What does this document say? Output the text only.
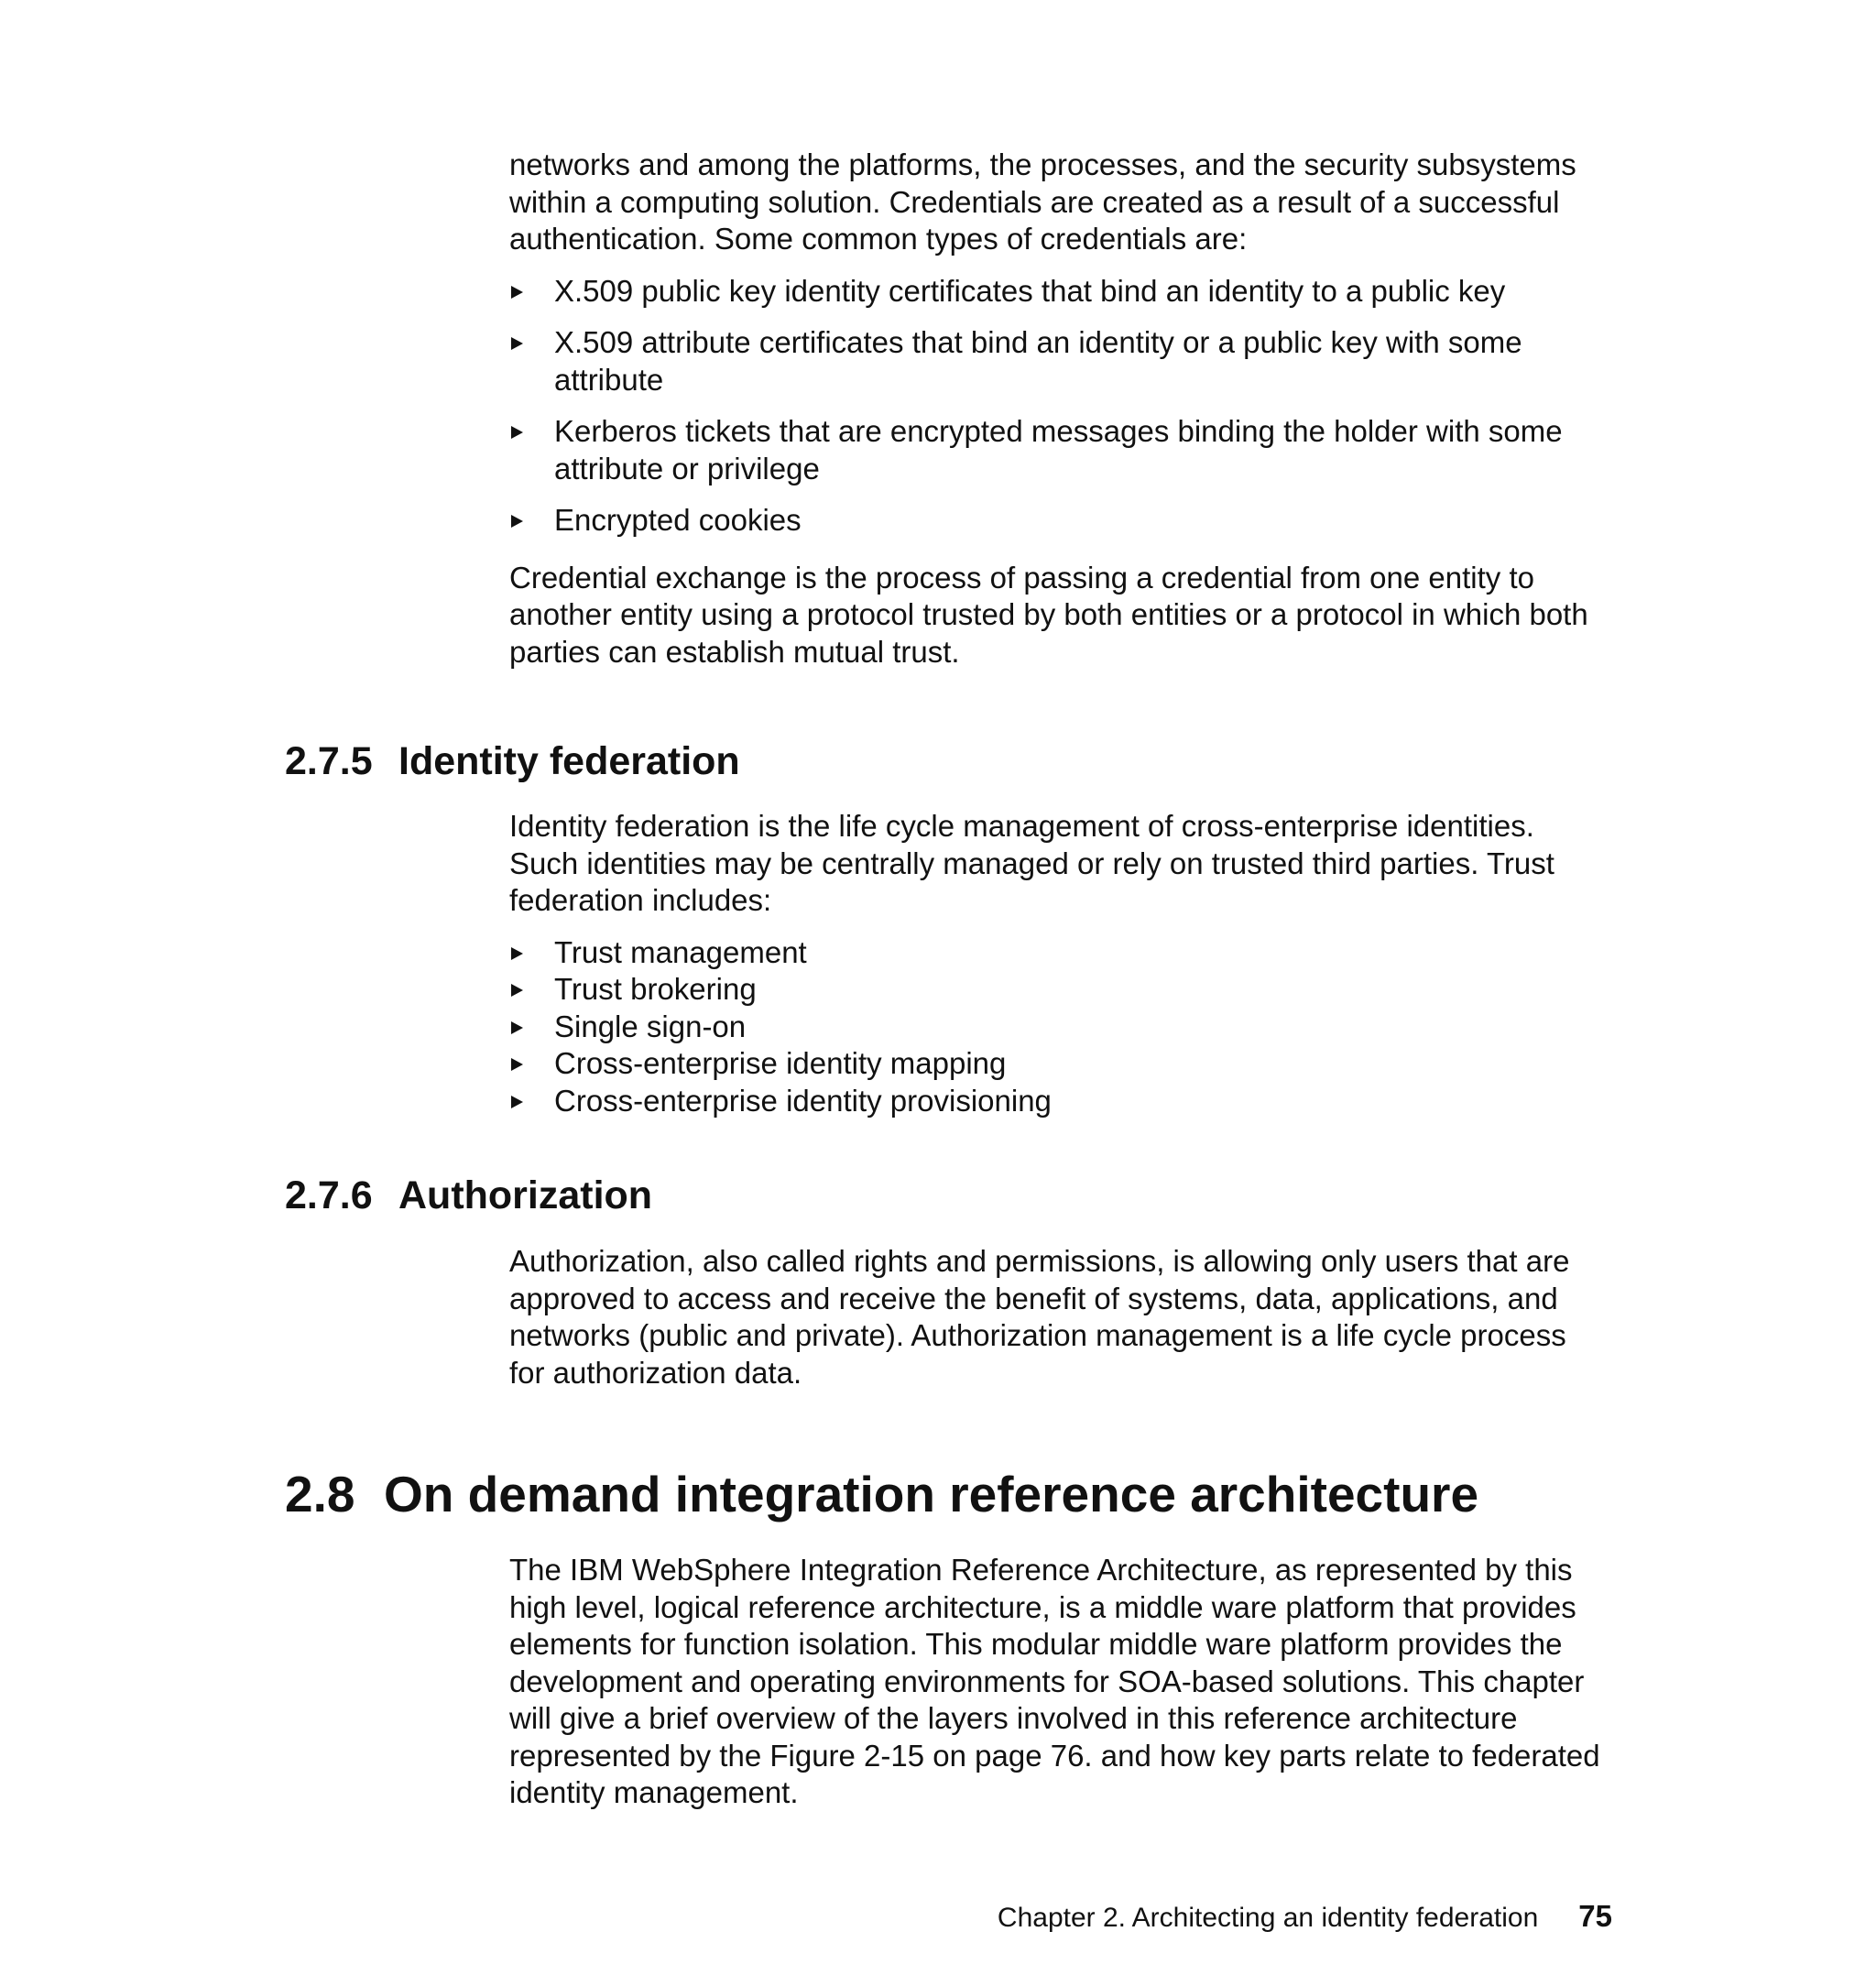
networks and among the platforms, the processes, and the security subsystems within a computing solution. Credentials are created as a result of a successful authentication. Some common types of credentials are:

X.509 public key identity certificates that bind an identity to a public key
X.509 attribute certificates that bind an identity or a public key with some attribute
Kerberos tickets that are encrypted messages binding the holder with some attribute or privilege
Encrypted cookies

Credential exchange is the process of passing a credential from one entity to another entity using a protocol trusted by both entities or a protocol in which both parties can establish mutual trust.

2.7.5 Identity federation

Identity federation is the life cycle management of cross-enterprise identities. Such identities may be centrally managed or rely on trusted third parties. Trust federation includes:

Trust management
Trust brokering
Single sign-on
Cross-enterprise identity mapping
Cross-enterprise identity provisioning
2.7.6 Authorization

Authorization, also called rights and permissions, is allowing only users that are approved to access and receive the benefit of systems, data, applications, and networks (public and private). Authorization management is a life cycle process for authorization data.

2.8 On demand integration reference architecture

The IBM WebSphere Integration Reference Architecture, as represented by this high level, logical reference architecture, is a middle ware platform that provides elements for function isolation. This modular middle ware platform provides the development and operating environments for SOA-based solutions. This chapter will give a brief overview of the layers involved in this reference architecture represented by the Figure 2-15 on page 76. and how key parts relate to federated identity management.

Chapter 2. Architecting an identity federation 75
